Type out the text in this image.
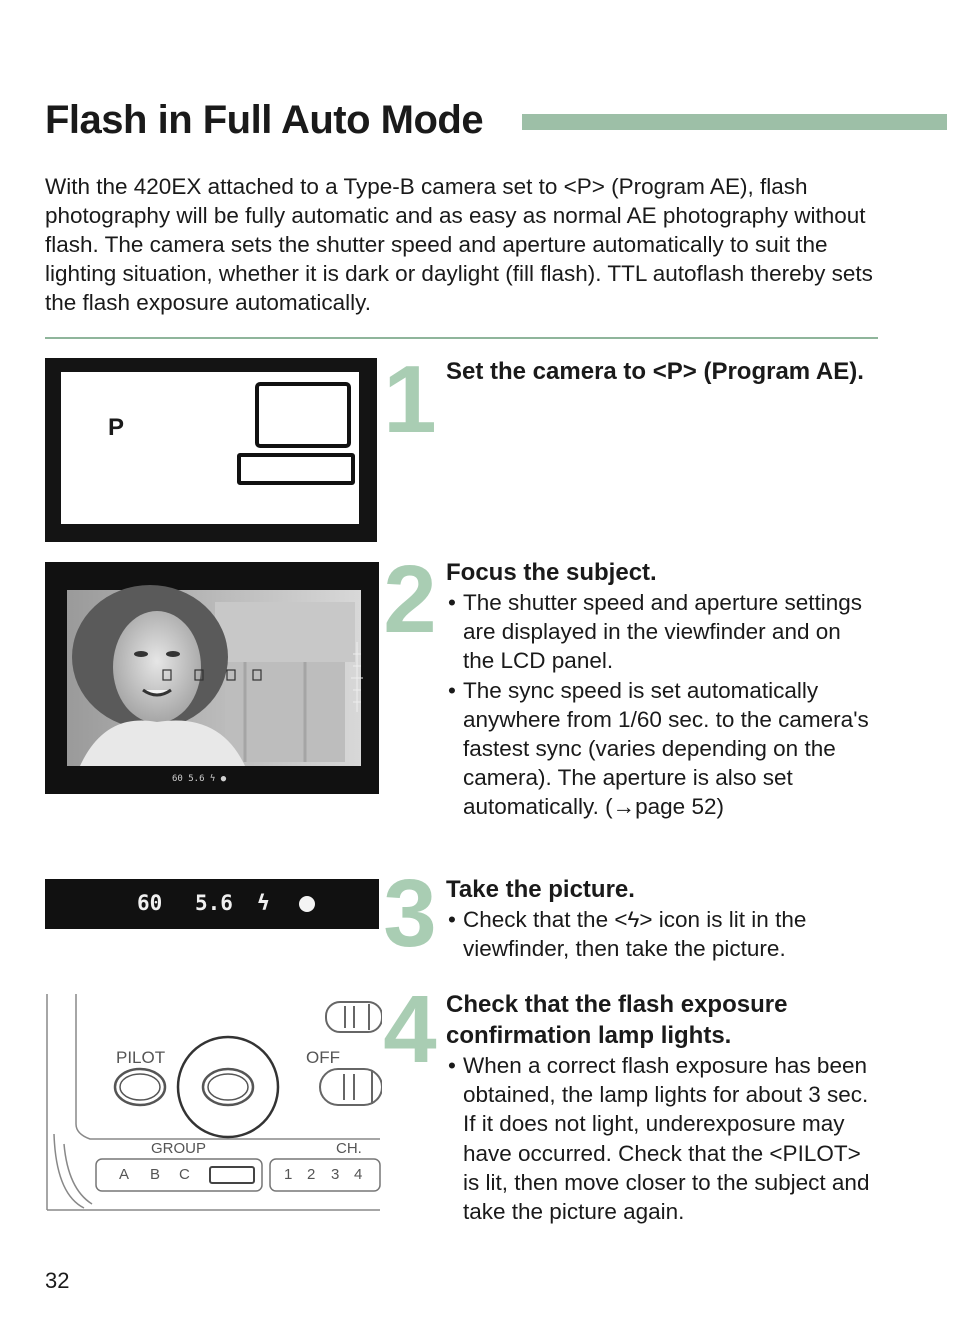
Flash in Full Auto Mode

With the 420EX attached to a Type-B camera set to <P> (Program AE), flash photography will be fully automatic and as easy as normal AE photography without flash. The camera sets the shutter speed and aperture automatically to suit the lighting situation, whether it is dark or daylight (fill flash). TTL autoflash thereby sets the flash exposure automatically.

P
60 5.6 ϟ ●
60 5.6 ϟ
PILOT	OFF
GROUP	CH.
A B C	1 2 3 4
1 Set the camera to <P> (Program AE).
2 Focus the subject.
• The shutter speed and aperture settings are displayed in the viewfinder and on the LCD panel.
• The sync speed is set automatically anywhere from 1/60 sec. to the camera's fastest sync (varies depending on the camera). The aperture is also set automatically. (→page 52)
3 Take the picture.
• Check that the <ϟ> icon is lit in the viewfinder, then take the picture.
4 Check that the flash exposure confirmation lamp lights.
• When a correct flash exposure has been obtained, the lamp lights for about 3 sec.
If it does not light, underexposure may have occurred. Check that the <PILOT> is lit, then move closer to the subject and take the picture again.
32
